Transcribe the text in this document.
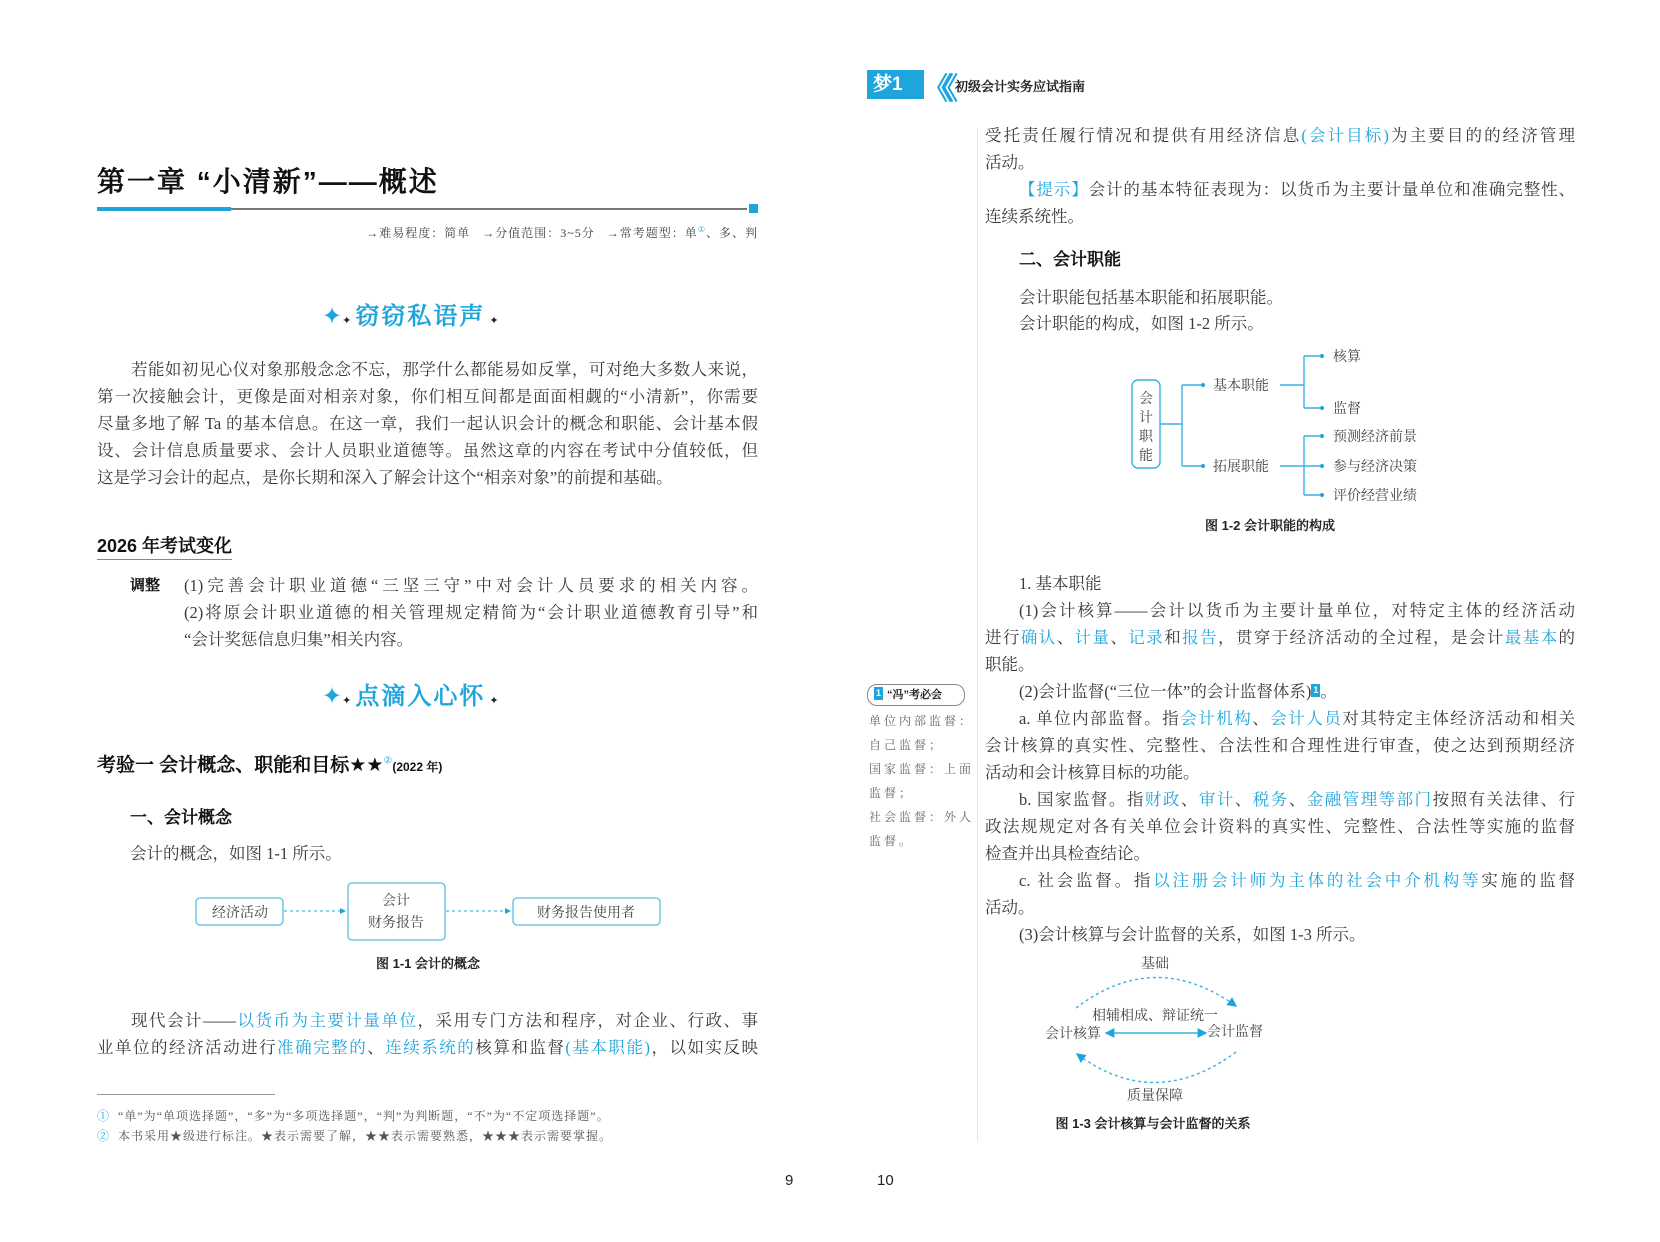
第一章 “小清新”——概述
→难易程度：简单 →分值范围：3~5分 →常考题型：单①、多、判
✦✦ 窃窃私语声 ✦
若能如初见心仪对象那般念念不忘，那学什么都能易如反掌，可对绝大多数人来说，
第一次接触会计，更像是面对相亲对象，你们相互间都是面面相觑的“小清新”，你需要
尽量多地了解 Ta 的基本信息。在这一章，我们一起认识会计的概念和职能、会计基本假
设、会计信息质量要求、会计人员职业道德等。虽然这章的内容在考试中分值较低，但
这是学习会计的起点，是你长期和深入了解会计这个“相亲对象”的前提和基础。
2026 年考试变化
调整 (1)完善会计职业道德“三坚三守”中对会计人员要求的相关内容。
(2)将原会计职业道德的相关管理规定精简为“会计职业道德教育引导”和
“会计奖惩信息归集”相关内容。
✦✦ 点滴入心怀 ✦
考验一 会计概念、职能和目标★★②(2022 年)
一、会计概念
会计的概念，如图 1-1 所示。
经济活动
会计
财务报告
财务报告使用者
图 1-1 会计的概念
现代会计——以货币为主要计量单位，采用专门方法和程序，对企业、行政、事
业单位的经济活动进行准确完整的、连续系统的核算和监督(基本职能)，以如实反映
① “单”为“单项选择题”，“多”为“多项选择题”，“判”为判断题，“不”为“不定项选择题”。
② 本书采用★级进行标注。★表示需要了解，★★表示需要熟悉，★★★表示需要掌握。
9
梦1 《《 初级会计实务应试指南
受托责任履行情况和提供有用经济信息(会计目标)为主要目的的经济管理
活动。
【提示】会计的基本特征表现为：以货币为主要计量单位和准确完整性、
连续系统性。
二、会计职能
会计职能包括基本职能和拓展职能。
会计职能的构成，如图 1-2 所示。
会
计
职
能
基本职能
拓展职能
核算
监督
预测经济前景
参与经济决策
评价经营业绩
图 1-2 会计职能的构成
基础
相辅相成、辩证统一
会计核算	会计监督
质量保障
图 1-3 会计核算与会计监督的关系
1. 基本职能
(1)会计核算——会计以货币为主要计量单位，对特定主体的经济活动
进行确认、计量、记录和报告，贯穿于经济活动的全过程，是会计最基本的
职能。
(2)会计监督(“三位一体”的会计监督体系) 1 。
a. 单位内部监督。指会计机构、会计人员对其特定主体经济活动和相关
会计核算的真实性、完整性、合法性和合理性进行审查，使之达到预期经济
活动和会计核算目标的功能。
b. 国家监督。指财政、审计、税务、金融管理等部门按照有关法律、行
政法规规定对各有关单位会计资料的真实性、完整性、合法性等实施的监督
检查并出具检查结论。
c. 社会监督。指以注册会计师为主体的社会中介机构等实施的监督
活动。
(3)会计核算与会计监督的关系，如图 1-3 所示。
1 “冯”考必会
单位内部监督：
自己监督；
国家监督：上面
监督；
社会监督：外人
监督。
10
